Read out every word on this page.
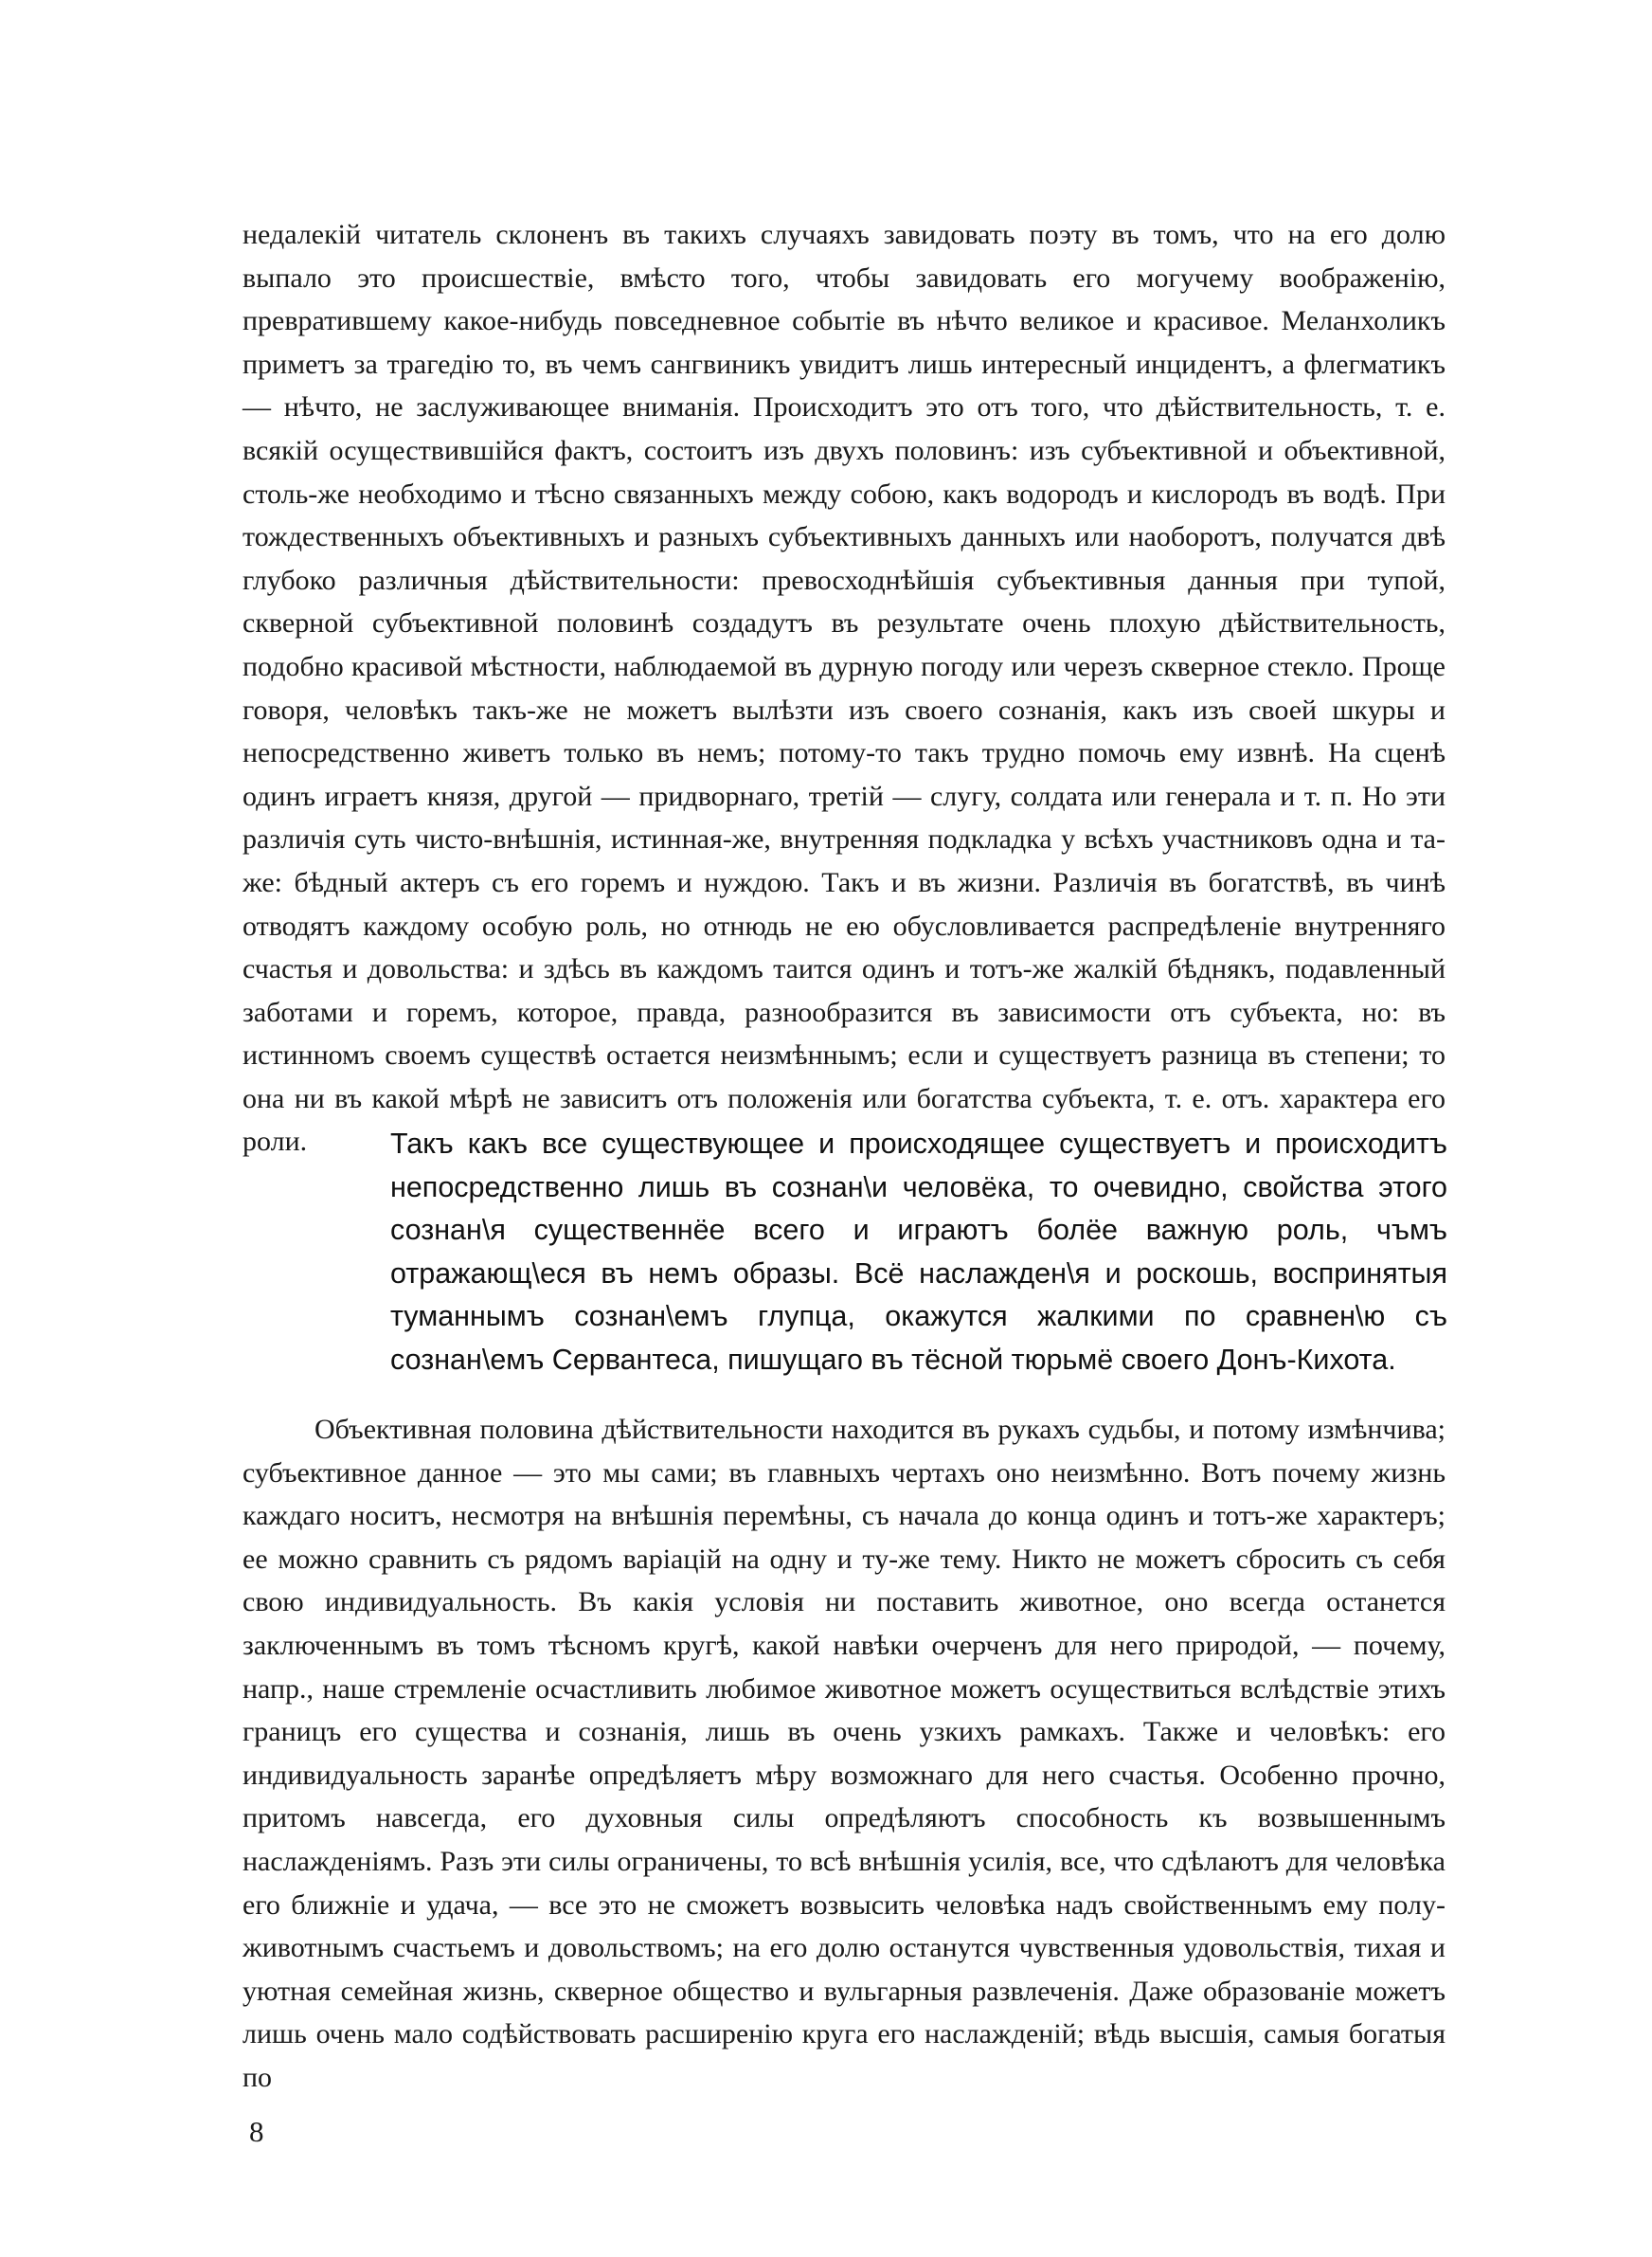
недалекій читатель склоненъ въ такихъ случаяхъ завидовать поэту въ томъ, что на его долю выпало это происшествіе, вмѣсто того, чтобы завидовать его могучему воображенію, превратившему какое-нибудь повседневное событіе въ нѣчто великое и красивое. Меланхоликъ приметъ за трагедію то, въ чемъ сангвиникъ увидитъ лишь интересный инцидентъ, а флегматикъ — нѣчто, не заслуживающее вниманія. Происходитъ это отъ того, что дѣйствительность, т. е. всякій осуществившійся фактъ, состоитъ изъ двухъ половинъ: изъ субъективной и объективной, столь-же необходимо и тѣсно связанныхъ между собою, какъ водородъ и кислородъ въ водѣ. При тождественныхъ объективныхъ и разныхъ субъективныхъ данныхъ или наоборотъ, получатся двѣ глубоко различныя дѣйствительности: превосходнѣйшія субъективныя данныя при тупой, скверной субъективной половинѣ создадутъ въ результате очень плохую дѣйствительность, подобно красивой мѣстности, наблюдаемой въ дурную погоду или черезъ скверное стекло. Проще говоря, человѣкъ такъ-же не можетъ вылѣзти изъ своего сознанія, какъ изъ своей шкуры и непосредственно живетъ только въ немъ; потому-то такъ трудно помочь ему извнѣ. На сценѣ одинъ играетъ князя, другой — придворнаго, третій — слугу, солдата или генерала и т. п. Но эти различія суть чисто-внѣшнія, истинная-же, внутренняя подкладка у всѣхъ участниковъ одна и та-же: бѣдный актеръ съ его горемъ и нуждою. Такъ и въ жизни. Различія въ богатствѣ, въ чинѣ отводятъ каждому особую роль, но отнюдь не ею обусловливается распредѣленіе внутренняго счастья и довольства: и здѣсь въ каждомъ таится одинъ и тотъ-же жалкій бѣднякъ, подавленный заботами и горемъ, которое, правда, разнообразится въ зависимости отъ субъекта, но: въ истинномъ своемъ существѣ остается неизмѣннымъ; если и существуетъ разница въ степени; то она ни въ какой мѣрѣ не зависитъ отъ положенія или богатства субъекта, т. е. отъ. характера его роли.	Такъ какъ все существующее и происходящее существуетъ и происходитъ непосредственно лишь въ сознан\и человёка, то очевидно, свойства этого сознан\я существеннёе всего и играютъ болёе важную роль, чъмъ отражающ\еся въ немъ образы. Всё наслажден\я и роскошь, воспринятыя туманнымъ сознан\емъ глупца, окажутся жалкими по сравнен\ю съ сознан\емъ Сервантеса, пишущаго въ тёсной тюрьмё своего Донъ-Кихота.

Объективная половина дѣйствительности находится въ рукахъ судьбы, и потому измѣнчива; субъективное данное — это мы сами; въ главныхъ чертахъ оно неизмѣнно. Вотъ почему жизнь каждаго носитъ, несмотря на внѣшнія перемѣны, съ начала до конца одинъ и тотъ-же характеръ; ее можно сравнить съ рядомъ варіацій на одну и ту-же тему. Никто не можетъ сбросить съ себя свою индивидуальность. Въ какія условія ни поставить животное, оно всегда останется заключеннымъ въ томъ тѣсномъ кругѣ, какой навѣки очерченъ для него природой, — почему, напр., наше стремленіе осчастливить любимое животное можетъ осуществиться вслѣдствіе этихъ границъ его существа и сознанія, лишь въ очень узкихъ рамкахъ. Также и человѣкъ: его индивидуальность заранѣе опредѣляетъ мѣру возможнаго для него счастья. Особенно прочно, притомъ навсегда, его духовныя силы опредѣляютъ способность къ возвышеннымъ наслажденіямъ. Разъ эти силы ограничены, то всѣ внѣшнія усилія, все, что сдѣлаютъ для человѣка его ближніе и удача, — все это не сможетъ возвысить человѣка надъ свойственнымъ ему полу-животнымъ счастьемъ и довольствомъ; на его долю останутся чувственныя удовольствія, тихая и уютная семейная жизнь, скверное общество и вульгарныя развлеченія. Даже образованіе можетъ лишь очень мало содѣйствовать расширенію круга его наслажденій; вѣдь высшія, самыя богатыя по

8
